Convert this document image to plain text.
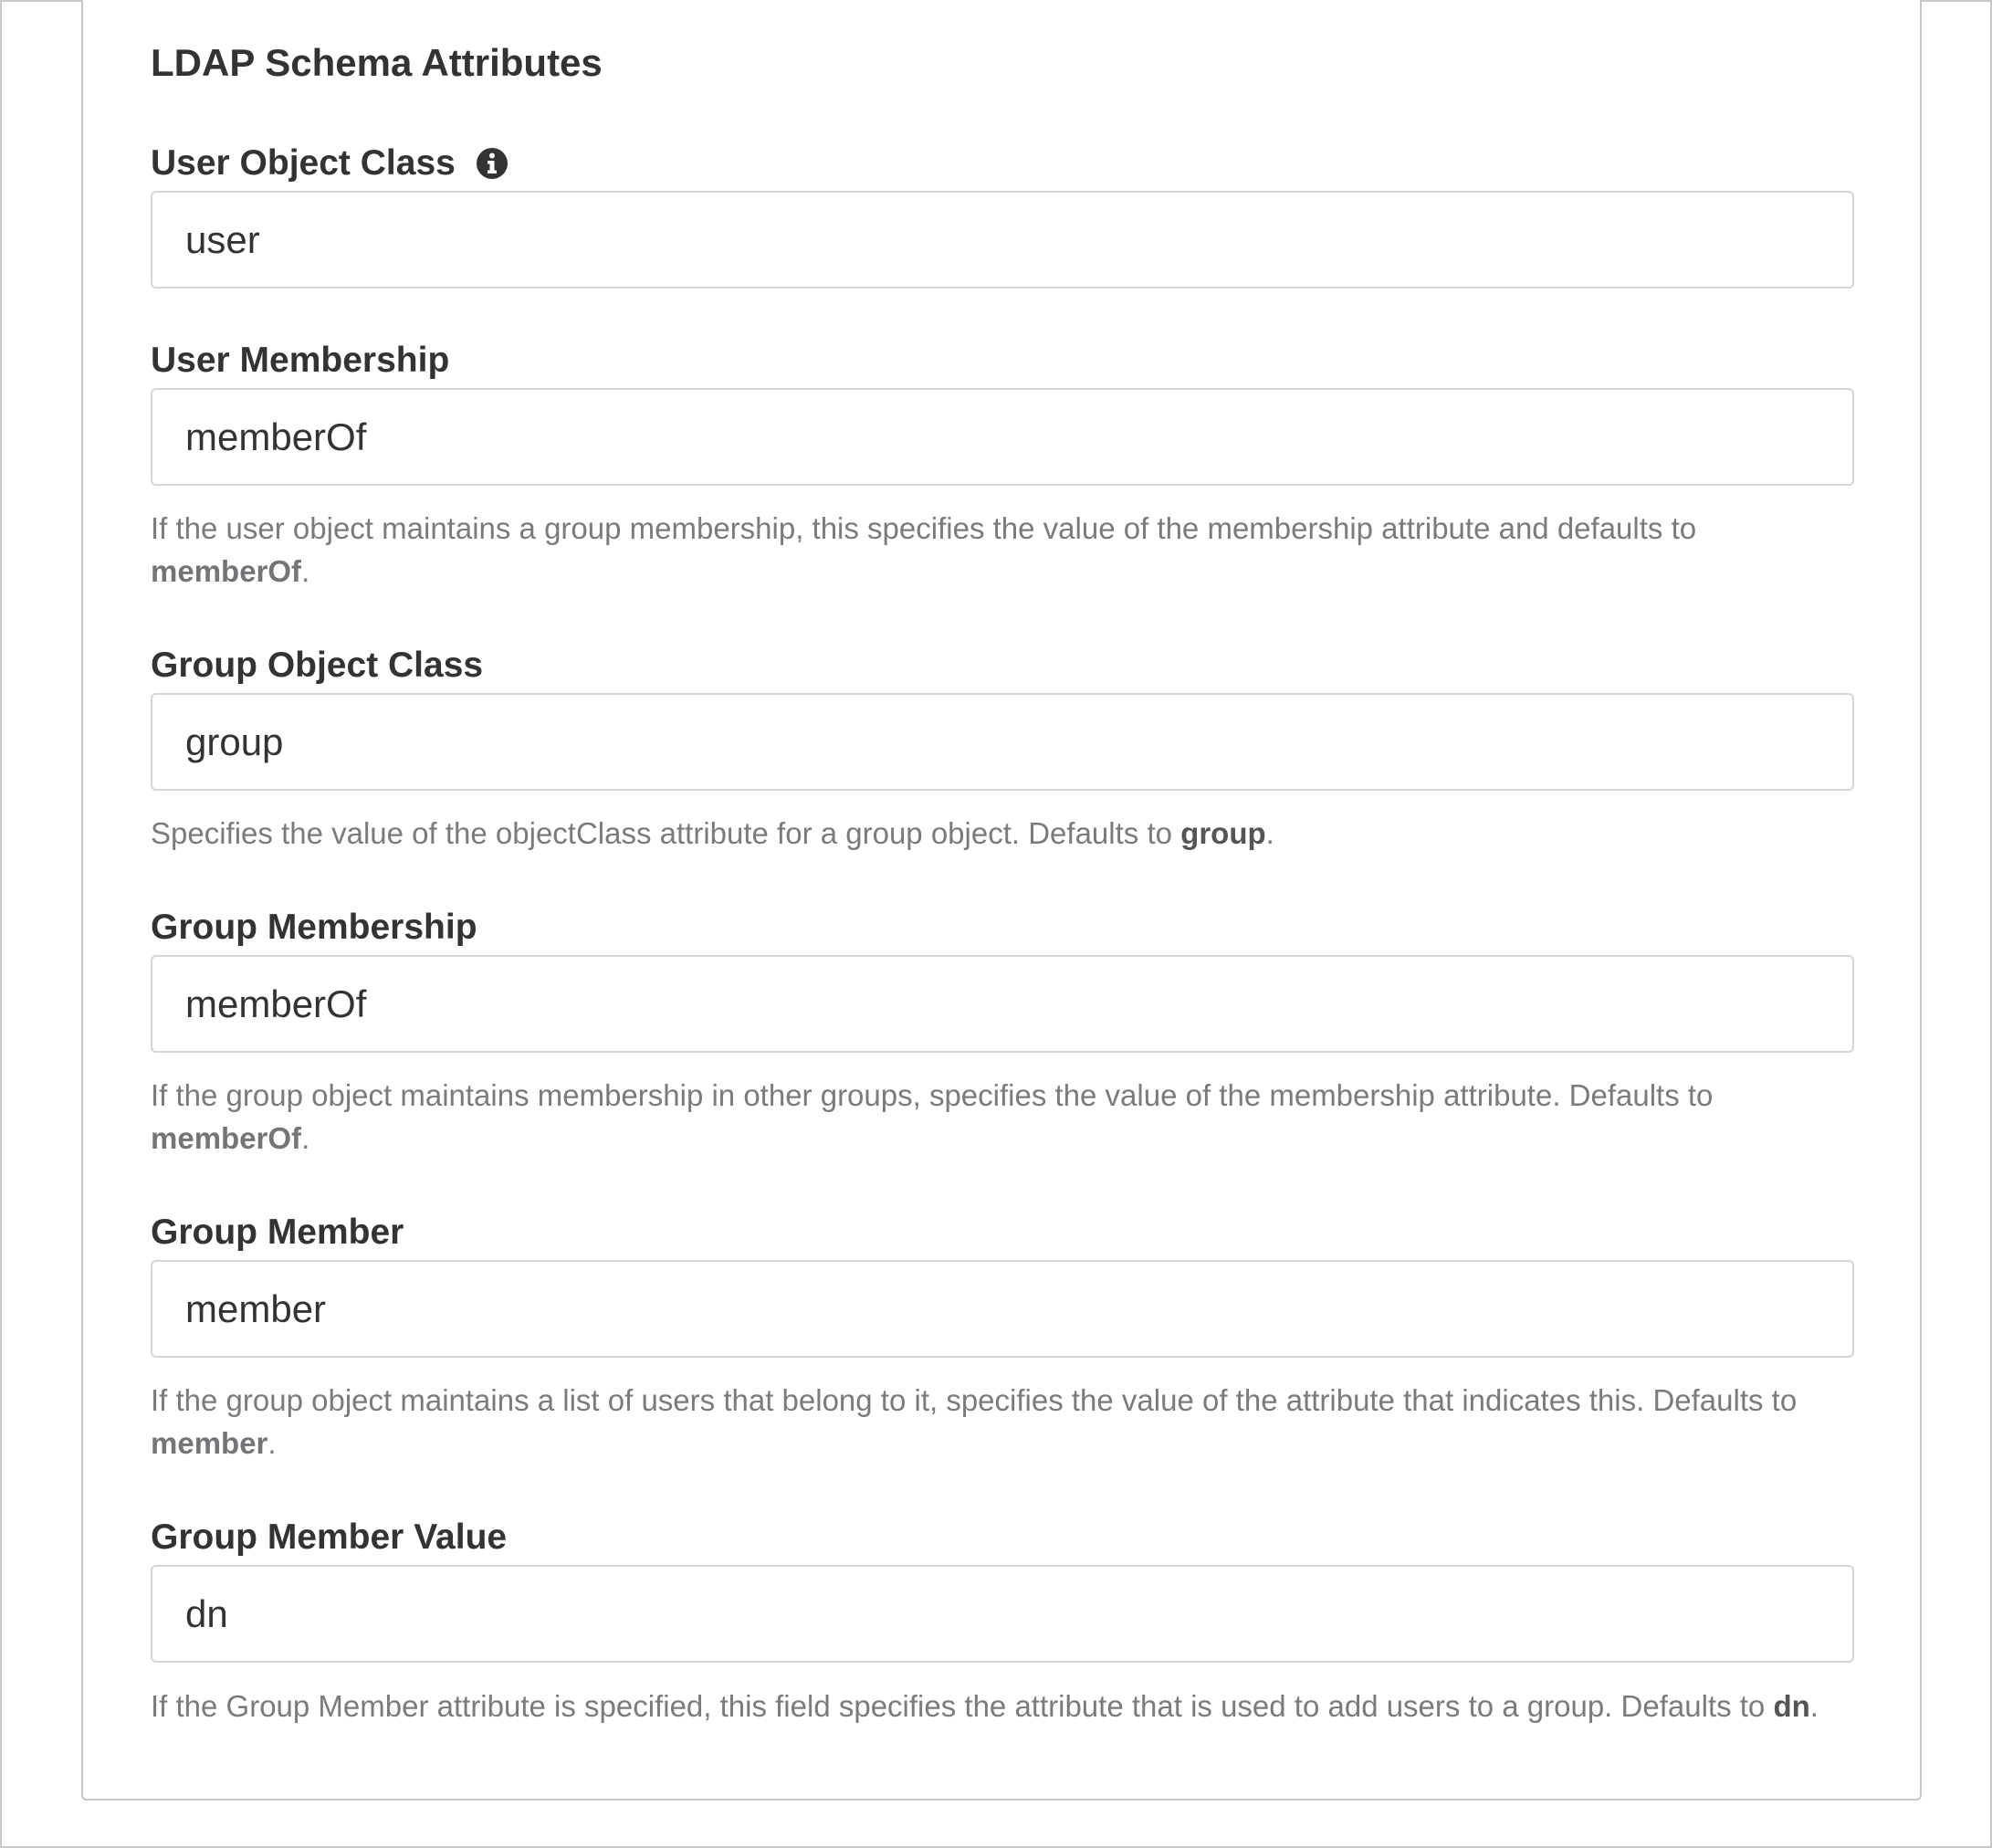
LDAP Schema Attributes
User Object Class
user
User Membership
memberOf
If the user object maintains a group membership, this specifies the value of the membership attribute and defaults to memberOf.
Group Object Class
group
Specifies the value of the objectClass attribute for a group object. Defaults to group.
Group Membership
memberOf
If the group object maintains membership in other groups, specifies the value of the membership attribute. Defaults to memberOf.
Group Member
member
If the group object maintains a list of users that belong to it, specifies the value of the attribute that indicates this. Defaults to member.
Group Member Value
dn
If the Group Member attribute is specified, this field specifies the attribute that is used to add users to a group. Defaults to dn.
